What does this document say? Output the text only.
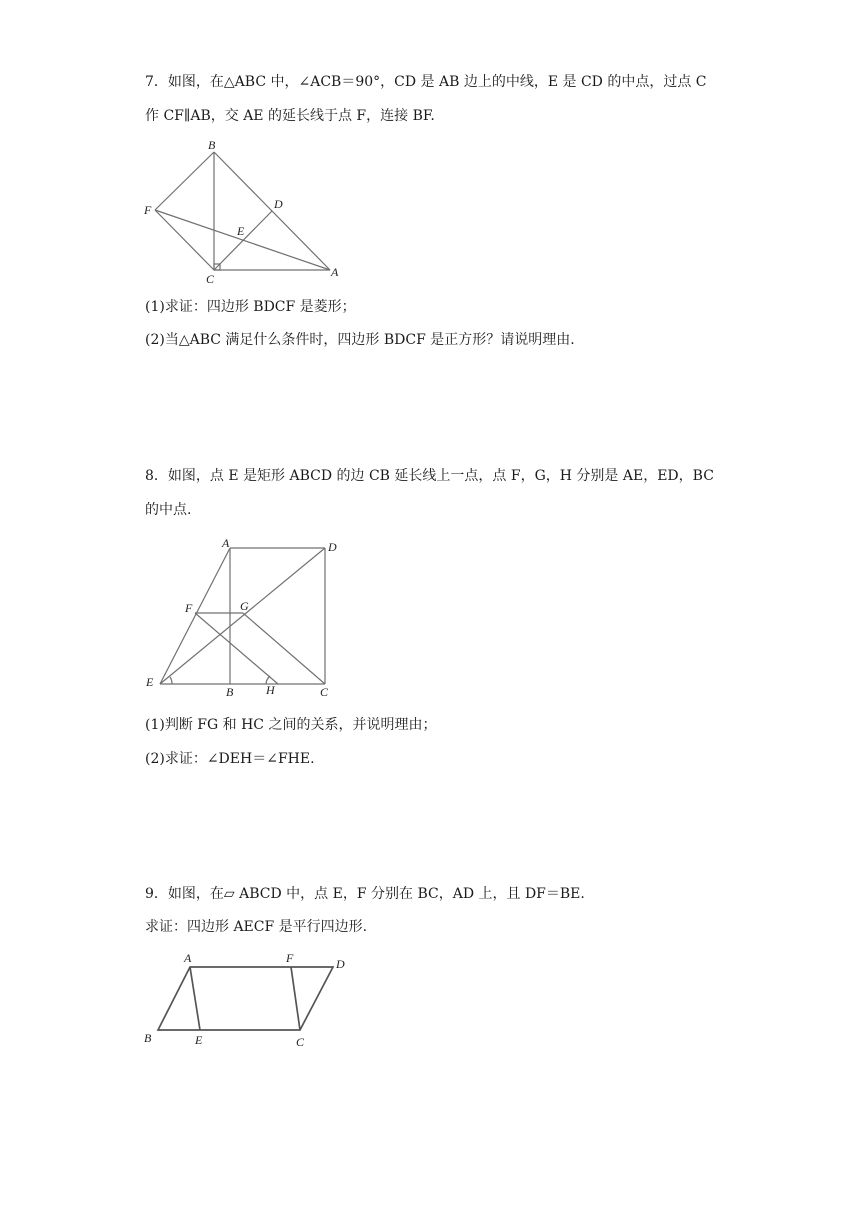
7．如图，在△ABC 中，∠ACB＝90°，CD 是 AB 边上的中线，E 是 CD 的中点，过点 C
作 CF∥AB，交 AE 的延长线于点 F，连接 BF.
B
D
F
E
C	A
(1)求证：四边形 BDCF 是菱形；
(2)当△ABC 满足什么条件时，四边形 BDCF 是正方形？请说明理由.
8．如图，点 E 是矩形 ABCD 的边 CB 延长线上一点，点 F，G，H 分别是 AE，ED，BC
的中点.
A	D
F	G
E
B	H	C
(1)判断 FG 和 HC 之间的关系，并说明理由；
(2)求证：∠DEH＝∠FHE.
9．如图，在▱ ABCD 中，点 E，F 分别在 BC，AD 上，且 DF＝BE.
求证：四边形 AECF 是平行四边形.
A	F	D
B	E	C
